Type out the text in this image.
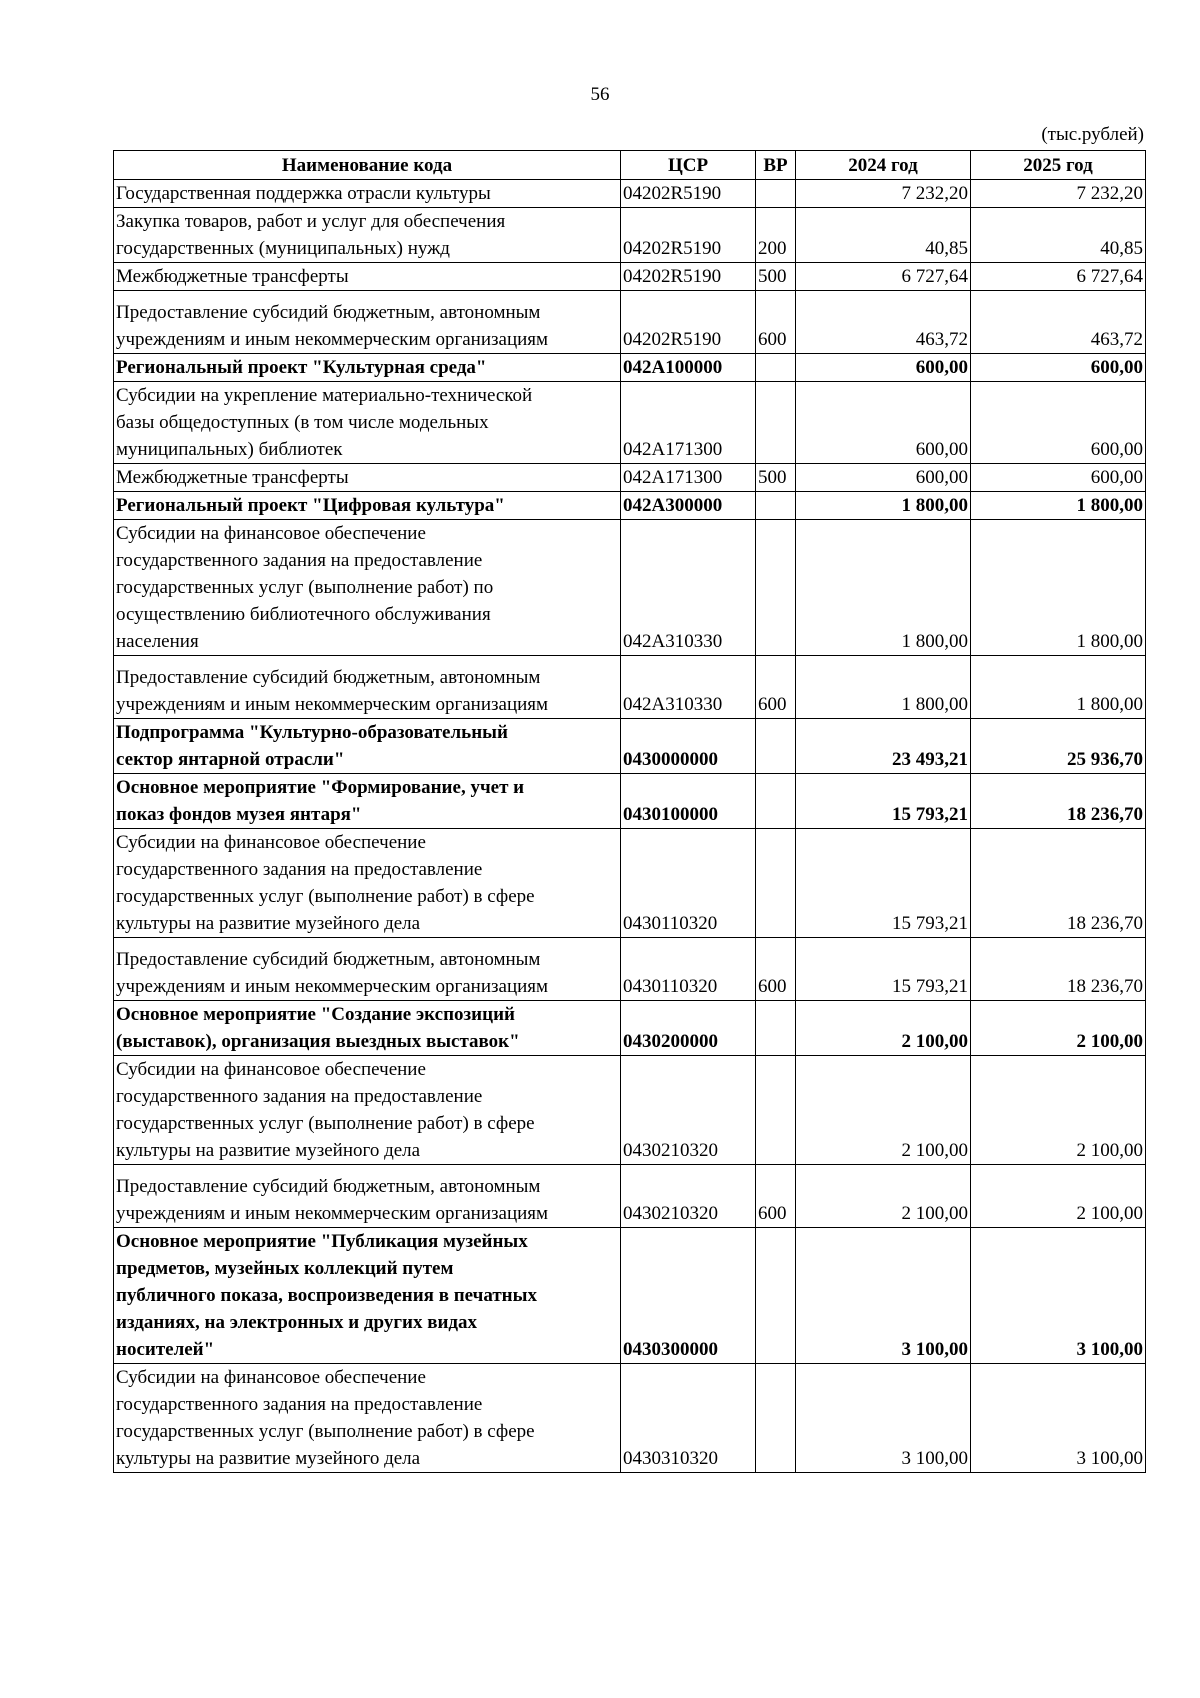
56
(тыс.рублей)
Наименование кода	ЦСР	ВР	2024 год	2025 год
Государственная поддержка отрасли культуры	04202R5190		7 232,20	7 232,20
Закупка товаров, работ и услуг для обеспечения
государственных (муниципальных) нужд	04202R5190	200	40,85	40,85
Межбюджетные трансферты	04202R5190	500	6 727,64	6 727,64
Предоставление субсидий бюджетным, автономным
учреждениям и иным некоммерческим организациям	04202R5190	600	463,72	463,72
Региональный проект "Культурная среда"	042A100000		600,00	600,00
Субсидии на укрепление материально-технической
базы общедоступных (в том числе модельных
муниципальных) библиотек	042A171300		600,00	600,00
Межбюджетные трансферты	042A171300	500	600,00	600,00
Региональный проект "Цифровая культура"	042A300000		1 800,00	1 800,00
Субсидии на финансовое обеспечение
государственного задания на предоставление
государственных услуг (выполнение работ) по
осуществлению библиотечного обслуживания
населения	042A310330		1 800,00	1 800,00
Предоставление субсидий бюджетным, автономным
учреждениям и иным некоммерческим организациям	042A310330	600	1 800,00	1 800,00
Подпрограмма "Культурно-образовательный
сектор янтарной отрасли"	0430000000		23 493,21	25 936,70
Основное мероприятие "Формирование, учет и
показ фондов музея янтаря"	0430100000		15 793,21	18 236,70
Субсидии на финансовое обеспечение
государственного задания на предоставление
государственных услуг (выполнение работ) в сфере
культуры на развитие музейного дела	0430110320		15 793,21	18 236,70
Предоставление субсидий бюджетным, автономным
учреждениям и иным некоммерческим организациям	0430110320	600	15 793,21	18 236,70
Основное мероприятие "Создание экспозиций
(выставок), организация выездных выставок"	0430200000		2 100,00	2 100,00
Субсидии на финансовое обеспечение
государственного задания на предоставление
государственных услуг (выполнение работ) в сфере
культуры на развитие музейного дела	0430210320		2 100,00	2 100,00
Предоставление субсидий бюджетным, автономным
учреждениям и иным некоммерческим организациям	0430210320	600	2 100,00	2 100,00
Основное мероприятие "Публикация музейных
предметов, музейных коллекций путем
публичного показа, воспроизведения в печатных
изданиях, на электронных и других видах
носителей"	0430300000		3 100,00	3 100,00
Субсидии на финансовое обеспечение
государственного задания на предоставление
государственных услуг (выполнение работ) в сфере
культуры на развитие музейного дела	0430310320		3 100,00	3 100,00
